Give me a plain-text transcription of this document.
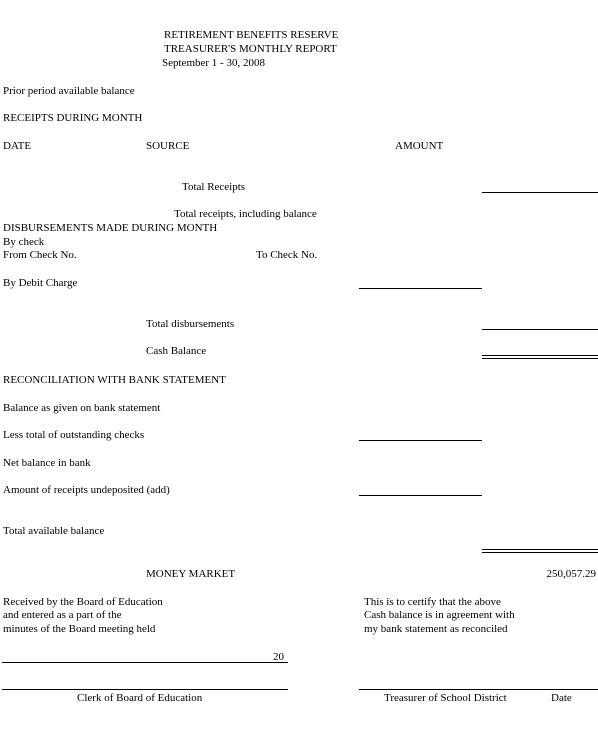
RETIREMENT BENEFITS RESERVE
TREASURER'S MONTHLY REPORT
September 1 - 30, 2008
Prior period available balance
RECEIPTS DURING MONTH
DATE	SOURCE	AMOUNT
Total Receipts
Total receipts, including balance
DISBURSEMENTS MADE DURING MONTH
By check
From Check No.	To Check No.
By Debit Charge
Total disbursements
Cash Balance
RECONCILIATION WITH BANK STATEMENT
Balance as given on bank statement
Less total of outstanding checks
Net balance in bank
Amount of receipts undeposited (add)
Total available balance
MONEY MARKET	250,057.29
Received by the Board of Education
and entered as a part of the
minutes of the Board meeting held
This is to certify that the above
Cash balance is in agreement with
my bank statement as reconciled
20
Clerk of Board of Education	Treasurer of School District	Date
